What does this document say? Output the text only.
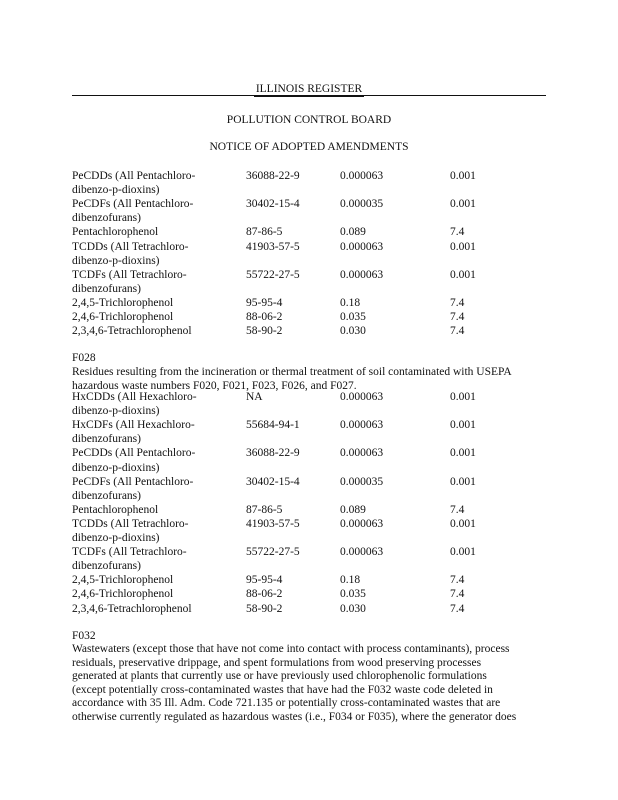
ILLINOIS REGISTER
POLLUTION CONTROL BOARD
NOTICE OF ADOPTED AMENDMENTS
PeCDDs (All Pentachloro-	36088-22-9	0.000063	0.001
dibenzo-p-dioxins)
PeCDFs (All Pentachloro-	30402-15-4	0.000035	0.001
dibenzofurans)
Pentachlorophenol	87-86-5	0.089	7.4
TCDDs (All Tetrachloro-	41903-57-5	0.000063	0.001
dibenzo-p-dioxins)
TCDFs (All Tetrachloro-	55722-27-5	0.000063	0.001
dibenzofurans)
2,4,5-Trichlorophenol	95-95-4	0.18	7.4
2,4,6-Trichlorophenol	88-06-2	0.035	7.4
2,3,4,6-Tetrachlorophenol	58-90-2	0.030	7.4
F028
Residues resulting from the incineration or thermal treatment of soil contaminated with USEPA
hazardous waste numbers F020, F021, F023, F026, and F027.
HxCDDs (All Hexachloro-	NA	0.000063	0.001
dibenzo-p-dioxins)
HxCDFs (All Hexachloro-	55684-94-1	0.000063	0.001
dibenzofurans)
PeCDDs (All Pentachloro-	36088-22-9	0.000063	0.001
dibenzo-p-dioxins)
PeCDFs (All Pentachloro-	30402-15-4	0.000035	0.001
dibenzofurans)
Pentachlorophenol	87-86-5	0.089	7.4
TCDDs (All Tetrachloro-	41903-57-5	0.000063	0.001
dibenzo-p-dioxins)
TCDFs (All Tetrachloro-	55722-27-5	0.000063	0.001
dibenzofurans)
2,4,5-Trichlorophenol	95-95-4	0.18	7.4
2,4,6-Trichlorophenol	88-06-2	0.035	7.4
2,3,4,6-Tetrachlorophenol	58-90-2	0.030	7.4
F032
Wastewaters (except those that have not come into contact with process contaminants), process
residuals, preservative drippage, and spent formulations from wood preserving processes
generated at plants that currently use or have previously used chlorophenolic formulations
(except potentially cross-contaminated wastes that have had the F032 waste code deleted in
accordance with 35 Ill. Adm. Code 721.135 or potentially cross-contaminated wastes that are
otherwise currently regulated as hazardous wastes (i.e., F034 or F035), where the generator does
